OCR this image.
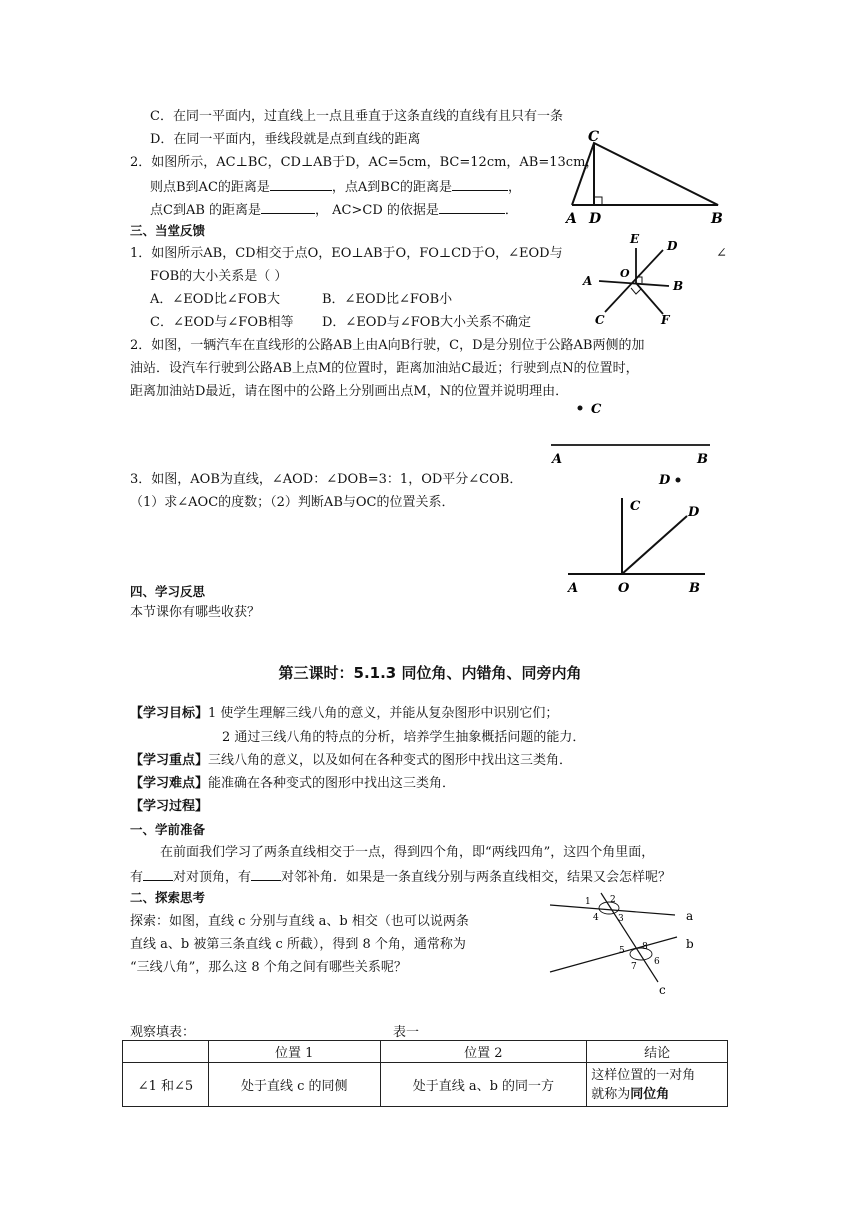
C．在同一平面内，过直线上一点且垂直于这条直线的直线有且只有一条
D．在同一平面内，垂线段就是点到直线的距离
2．如图所示，AC⊥BC，CD⊥AB于D，AC=5cm，BC=12cm，AB=13cm，
则点B到AC的距离是	，点A到BC的距离是	，
点C到AB 的距离是	， AC>CD 的依据是	．
三、当堂反馈
1．如图所示AB，CD相交于点O，EO⊥AB于O，FO⊥CD于O，∠EOD与	∠
FOB的大小关系是（ ）
A．∠EOD比∠FOB大	B．∠EOD比∠FOB小
C．∠EOD与∠FOB相等 D．∠EOD与∠FOB大小关系不确定
2．如图，一辆汽车在直线形的公路AB上由A向B行驶，C，D是分别位于公路AB两侧的加
油站．设汽车行驶到公路AB上点M的位置时，距离加油站C最近；行驶到点N的位置时，
距离加油站D最近，请在图中的公路上分别画出点M，N的位置并说明理由．
3．如图，AOB为直线，∠AOD：∠DOB=3：1，OD平分∠COB．
（1）求∠AOC的度数；（2）判断AB与OC的位置关系．
四、学习反思
本节课你有哪些收获？
C
A D	B
E D
O
A	B
C	F
C
A	B
D
C	D
A	O	B
第三课时：5.1.3 同位角、内错角、同旁内角
【学习目标】1 使学生理解三线八角的意义，并能从复杂图形中识别它们；
2 通过三线八角的特点的分析，培养学生抽象概括问题的能力．
【学习重点】三线八角的意义，以及如何在各种变式的图形中找出这三类角．
【学习难点】能准确在各种变式的图形中找出这三类角．
【学习过程】
一、学前准备
在前面我们学习了两条直线相交于一点，得到四个角，即“两线四角”，这四个角里面，
有 对对顶角，有 对邻补角．如果是一条直线分别与两条直线相交，结果又会怎样呢？
二、探索思考
探索：如图，直线 c 分别与直线 a、b 相交（也可以说两条
直线 a、b 被第三条直线 c 所截），得到 8 个角，通常称为
“三线八角”，那么这 8 个角之间有哪些关系呢？
1 2
3
4
5 8
6
7
a
b
c
观察填表：	表一
	位置 1	位置 2	结论
∠1 和∠5	处于直线 c 的同侧	处于直线 a、b 的同一方	这样位置的一对角
就称为同位角
